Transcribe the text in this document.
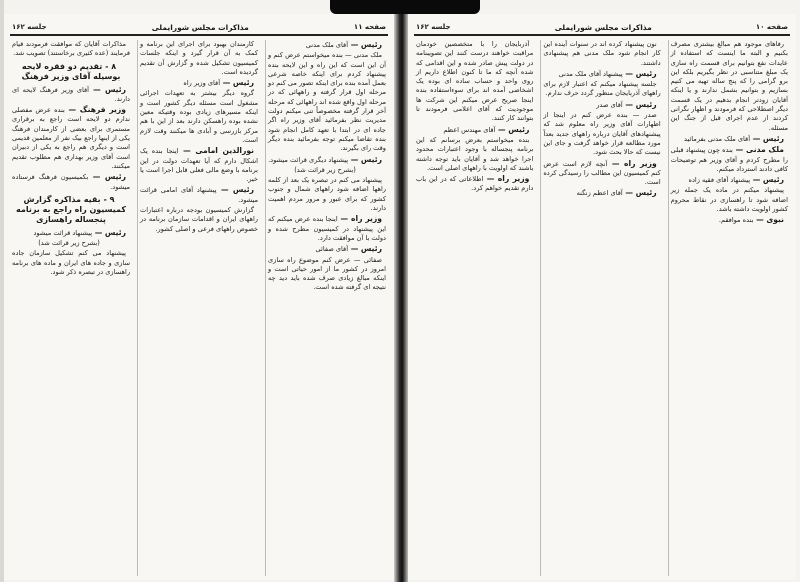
صفحه ۱۱
مذاکرات مجلس شورایملی
جلسه ۱۶۲

رئیس — آقای ملک مدنی

ملک مدنی — بنده میخواستم عرض کنم و آن این است که این راه و این لایحه بنده پیشنهاد کردم برای اینکه خاصه شرعی بعمل آمده بنده برای اینکه تصور می کنم دو مرحله اول قرار گرفته و راههائی که در مرحله اول واقع شده اند راههائی که مرحله آخر قرار گرفته مخصوصاً تنی میکنم دولت مدیریت نظر بفرمائید آقای وزیر راه اگر جاده ای در ابتدا با تعهد کامل انجام شود بنده تقاضا میکنم توجه بفرمائید بنده دیگر وقت رای بگیرند.

رئیس — پیشنهاد دیگری قرائت میشود.

(بشرح زیر قرائت شد)

پیشنهاد می کنم در تبصره یک بعد از کلمه راهها اضافه شود راههای شمال و جنوب کشور که برای عبور و مرور مردم اهمیت دارند.

وزیر راه — اینجا بنده عرض میکنم که این پیشنهاد در کمیسیون مطرح شده و دولت با آن موافقت دارد.

رئیس — آقای صفائی

صفائی — عرض کنم موضوع راه سازی امروز در کشور ما از امور حیاتی است و اینکه مبالغ زیادی صرف شده باید دید چه نتیجه ای گرفته شده است.

کارمندان بهبود برای اجرای این برنامه و کمک به آن قرار گیرد و اینکه جلسات کمیسیون تشکیل شده و گزارش آن تقدیم گردیده است.

رئیس — آقای وزیر راه

گروه دیگر بیشتر به تعهدات اجرائی مشغول است مسئله دیگر کشور است و اینکه مسیرهای زیادی بوده وقتیکه معین نشده بوده راهسکن دارند بعد از این با هم مرکز بازرسی و آبادی ها میکنند وقت لازم است.

نورالدین امامی — اینجا بنده یک اشکال دارم که آیا تعهدات دولت در این برنامه با وضع مالی فعلی قابل اجرا است یا خیر.

رئیس — پیشنهاد آقای امامی قرائت میشود.

گزارش کمیسیون بودجه درباره اعتبارات راههای ایران و اقدامات سازمان برنامه در خصوص راههای فرعی و اصلی کشور.

مذاکرات آقایان که موافقت فرمودند قیام فرمایند (عده کثیری برخاستند) تصویب شد.

۸ - تقدیم دو فقره لایحه بوسیله آقای وزیر فرهنگ

رئیس — آقای وزیر فرهنگ لایحه ای دارند.

وزیر فرهنگ — بنده عرض مفصلی ندارم دو لایحه است راجع به برقراری مستمری برای بعضی از کارمندان فرهنگ یکی از اینها راجع بیک نفر از معلمین قدیمی است و دیگری هم راجع به یکی از دبیران است آقای وزیر بهداری هم مطلوب تقدیم میکنند.

رئیس — بکمیسیون فرهنگ فرستاده میشود.

۹ - بقیه مذاکره گزارش کمیسیون راه راجع به برنامه پنجساله راهسازی

رئیس — پیشنهاد قرائت میشود

(بشرح زیر قرائت شد)

پیشنهاد می کنم تشکیل سازمان جاده سازی و جاده های ایران و ماده های برنامه راهسازی در تبصره ذکر شود.

صفحه ۱۰
مذاکرات مجلس شورایملی
جلسه ۱۶۲

رفاهای موجود هم مبالغ بیشتری مصرف بکنیم و البته ما اینست که استفاده از عایدات نفع بتوانیم برای قسمت راه سازی یک مبلغ متناسبی در نظر بگیریم بلکه این برو گرامی را که پنج ساله تهیه می کنیم بسازیم و بتوانیم بشمل ندارند و یا اینکه آقایان زودتر انجام بدهیم در یک قسمت دیگر اصطلاحی که فرمودند و اظهار نگرانی کردند از عدم اجرای قبل از جنگ این مسئله.

رئیس — آقای ملک مدنی بفرمائید

ملک مدنی — بنده چون پیشنهاد قبلی را مطرح کردم و آقای وزیر هم توضیحات کافی دادند استرداد میکنم.

رئیس — پیشنهاد آقای فقیه زاده

پیشنهاد میکنم در ماده یک جمله زیر اضافه شود تا راهسازی در نقاط محروم کشور اولویت داشته باشد.

نبوی — بنده موافقم.

نون پیشنهاد کرده اند در سنوات آینده این کار انجام شود ملک مدنی هم پیشنهادی داشتند.

رئیس — پیشنهاد آقای ملک مدنی

جلسه پیشنهاد میکنم که اعتبار لازم برای راههای آذربایجان منظور گردد حرف ندارم.

رئیس — آقای صدر

صدر — بنده عرض کنم در اینجا از اظهارات آقای وزیر راه معلوم شد که پیشنهادهای آقایان درباره راههای جدید بعداً مورد مطالعه قرار خواهد گرفت و جای این نیست که حالا بحث شود.

وزیر راه — آنچه لازم است عرض کنم کمیسیون این مطالب را رسیدگی کرده است.

رئیس — آقای اعظم زنگنه

آذربایجان را با متخصصین خودمان مراقبت خواهند درست کنند این تصویبنامه در دولت پیش صادر شده و این اقدامی که شده آنچه که ما تا کنون اطلاع داریم از روی واحد و حساب ساده ای بوده یک اشخاصی آمده اند برای سوءاستفاده بنده اینجا صریح عرض میکنم این شرکت ها موجودیت که آقای اعلامی فرمودند تا بتوانند کار کنند.

رئیس — آقای مهندس اعظم

بنده میخواستم بعرض برسانم که این برنامه پنجساله با وجود اعتبارات محدود اجرا خواهد شد و آقایان باید توجه داشته باشند که اولویت با راههای اصلی است.

وزیر راه — اطلاعاتی که در این باب دارم تقدیم خواهم کرد.
